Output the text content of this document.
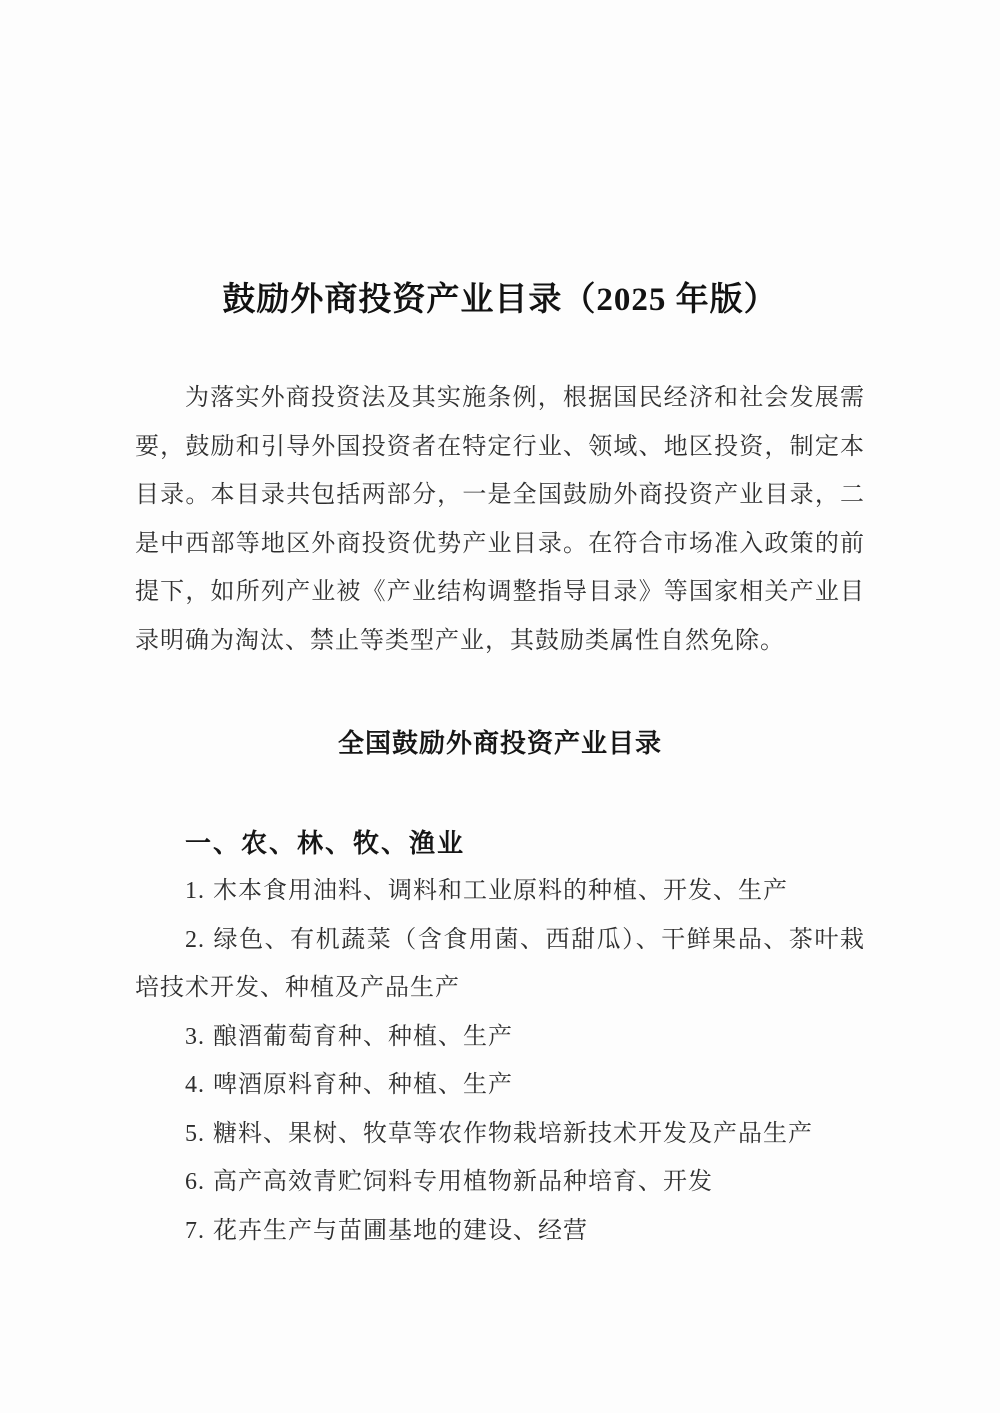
鼓励外商投资产业目录（2025 年版）
为落实外商投资法及其实施条例，根据国民经济和社会发展需
要，鼓励和引导外国投资者在特定行业、领域、地区投资，制定本
目录。本目录共包括两部分，一是全国鼓励外商投资产业目录，二
是中西部等地区外商投资优势产业目录。在符合市场准入政策的前
提下，如所列产业被《产业结构调整指导目录》等国家相关产业目
录明确为淘汰、禁止等类型产业，其鼓励类属性自然免除。
全国鼓励外商投资产业目录
一、农、林、牧、渔业
1. 木本食用油料、调料和工业原料的种植、开发、生产
2. 绿色、有机蔬菜（含食用菌、西甜瓜）、干鲜果品、茶叶栽
培技术开发、种植及产品生产
3. 酿酒葡萄育种、种植、生产
4. 啤酒原料育种、种植、生产
5. 糖料、果树、牧草等农作物栽培新技术开发及产品生产
6. 高产高效青贮饲料专用植物新品种培育、开发
7. 花卉生产与苗圃基地的建设、经营
